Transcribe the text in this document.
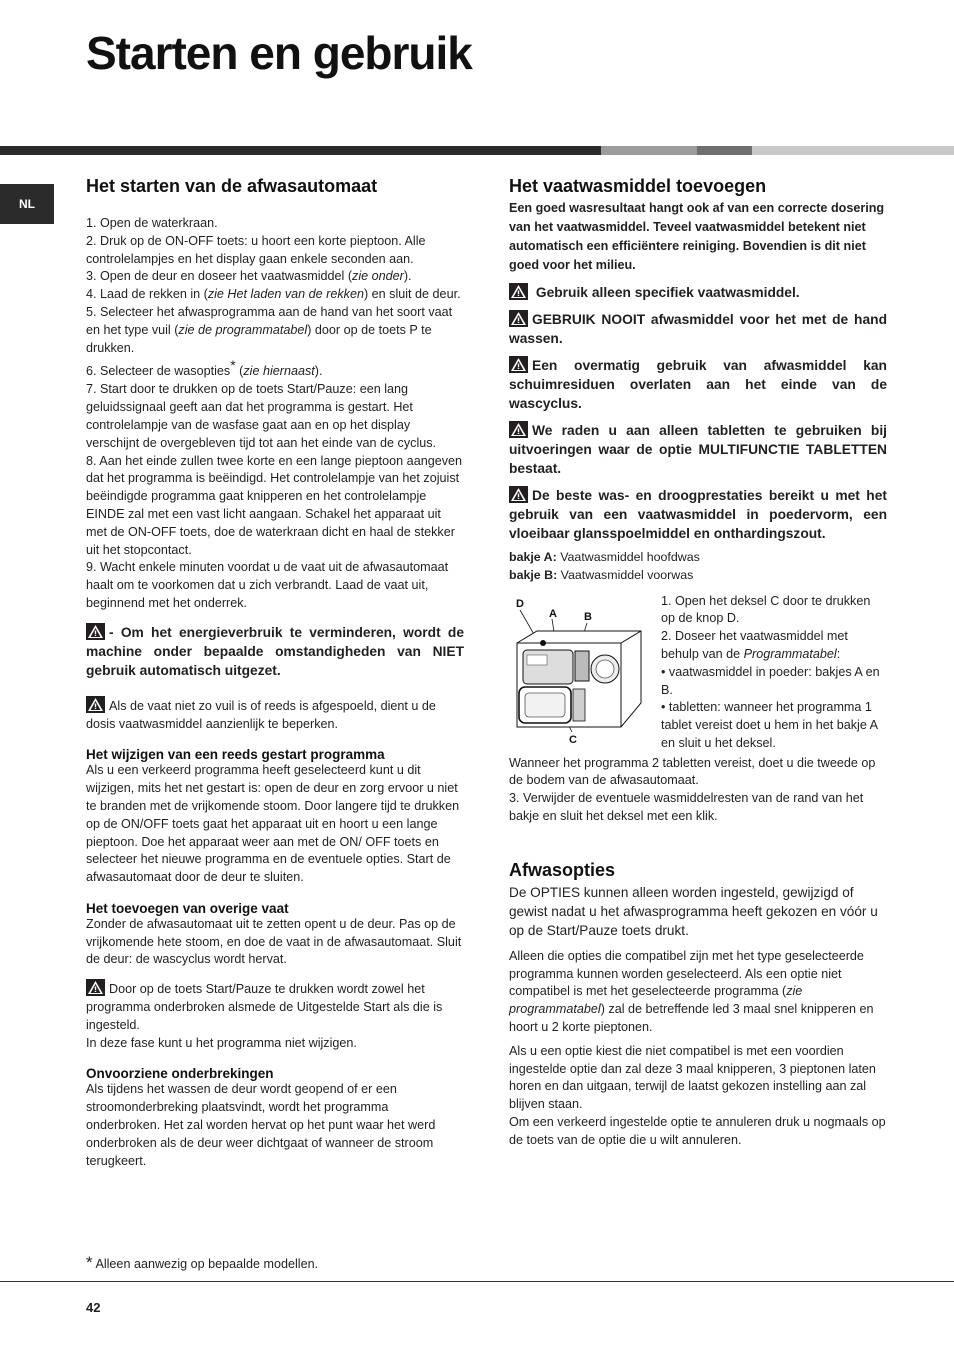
Starten en gebruik
NL
Het starten van de afwasautomaat

1. Open de waterkraan.

2. Druk op de ON-OFF toets: u hoort een korte pieptoon. Alle controlelampjes en het display gaan enkele seconden aan.

3. Open de deur en doseer het vaatwasmiddel (zie onder).

4. Laad de rekken in (zie Het laden van de rekken) en sluit de deur.

5. Selecteer het afwasprogramma aan de hand van het soort vaat en het type vuil (zie de programmatabel) door op de toets P te drukken.

6. Selecteer de wasopties* (zie hiernaast).

7. Start door te drukken op de toets Start/Pauze: een lang geluidssignaal geeft aan dat het programma is gestart. Het controlelampje van de wasfase gaat aan en op het display verschijnt de overgebleven tijd tot aan het einde van de cyclus.

8. Aan het einde zullen twee korte en een lange pieptoon aangeven dat het programma is beëindigd. Het controlelampje van het zojuist beëindigde programma gaat knipperen en het controlelampje EINDE zal met een vast licht aangaan. Schakel het apparaat uit met de ON-OFF toets, doe de waterkraan dicht en haal de stekker uit het stopcontact.

9. Wacht enkele minuten voordat u de vaat uit de afwasautomaat haalt om te voorkomen dat u zich verbrandt. Laad de vaat uit, beginnend met het onderrek.

- Om het energieverbruik te verminderen, wordt de machine onder bepaalde omstandigheden van NIET gebruik automatisch uitgezet.

Als de vaat niet zo vuil is of reeds is afgespoeld, dient u de dosis vaatwasmiddel aanzienlijk te beperken.

Het wijzigen van een reeds gestart programma

Als u een verkeerd programma heeft geselecteerd kunt u dit wijzigen, mits het net gestart is: open de deur en zorg ervoor u niet te branden met de vrijkomende stoom. Door langere tijd te drukken op de ON/OFF toets gaat het apparaat uit en hoort u een lange pieptoon. Doe het apparaat weer aan met de ON/ OFF toets en selecteer het nieuwe programma en de eventuele opties. Start de afwasautomaat door de deur te sluiten.

Het toevoegen van overige vaat

Zonder de afwasautomaat uit te zetten opent u de deur. Pas op de vrijkomende hete stoom, en doe de vaat in de afwasautomaat. Sluit de deur: de wascyclus wordt hervat.

Door op de toets Start/Pauze te drukken wordt zowel het programma onderbroken alsmede de Uitgestelde Start als die is ingesteld.

In deze fase kunt u het programma niet wijzigen.

Onvoorziene onderbrekingen

Als tijdens het wassen de deur wordt geopend of er een stroomonderbreking plaatsvindt, wordt het programma onderbroken. Het zal worden hervat op het punt waar het werd onderbroken als de deur weer dichtgaat of wanneer de stroom terugkeert.

* Alleen aanwezig op bepaalde modellen.

Het vaatwasmiddel toevoegen

Een goed wasresultaat hangt ook af van een correcte dosering van het vaatwasmiddel. Teveel vaatwasmiddel betekent niet automatisch een efficiëntere reiniging. Bovendien is dit niet goed voor het milieu.

Gebruik alleen specifiek vaatwasmiddel.

GEBRUIK NOOIT afwasmiddel voor het met de hand wassen.

Een overmatig gebruik van afwasmiddel kan schuimresiduen overlaten aan het einde van de wascyclus.

We raden u aan alleen tabletten te gebruiken bij uitvoeringen waar de optie MULTIFUNCTIE TABLETTEN bestaat.

De beste was- en droogprestaties bereikt u met het gebruik van een vaatwasmiddel in poedervorm, een vloeibaar glansspoelmiddel en onthardingszout.

bakje A: Vaatwasmiddel hoofdwas

bakje B: Vaatwasmiddel voorwas

D
A B
C

1. Open het deksel C door te drukken op de knop D.

2. Doseer het vaatwasmiddel met behulp van de Programmatabel:

• vaatwasmiddel in poeder: bakjes A en B.

• tabletten: wanneer het programma 1 tablet vereist doet u hem in het bakje A en sluit u het deksel.

Wanneer het programma 2 tabletten vereist, doet u die tweede op de bodem van de afwasautomaat.

3. Verwijder de eventuele wasmiddelresten van de rand van het bakje en sluit het deksel met een klik.

Afwasopties

De OPTIES kunnen alleen worden ingesteld, gewijzigd of gewist nadat u het afwasprogramma heeft gekozen en vóór u op de Start/Pauze toets drukt.

Alleen die opties die compatibel zijn met het type geselecteerde programma kunnen worden geselecteerd. Als een optie niet compatibel is met het geselecteerde programma (zie programmatabel) zal de betreffende led 3 maal snel knipperen en hoort u 2 korte pieptonen.

Als u een optie kiest die niet compatibel is met een voordien ingestelde optie dan zal deze 3 maal knipperen, 3 pieptonen laten horen en dan uitgaan, terwijl de laatst gekozen instelling aan zal blijven staan.

Om een verkeerd ingestelde optie te annuleren druk u nogmaals op de toets van de optie die u wilt annuleren.

42
